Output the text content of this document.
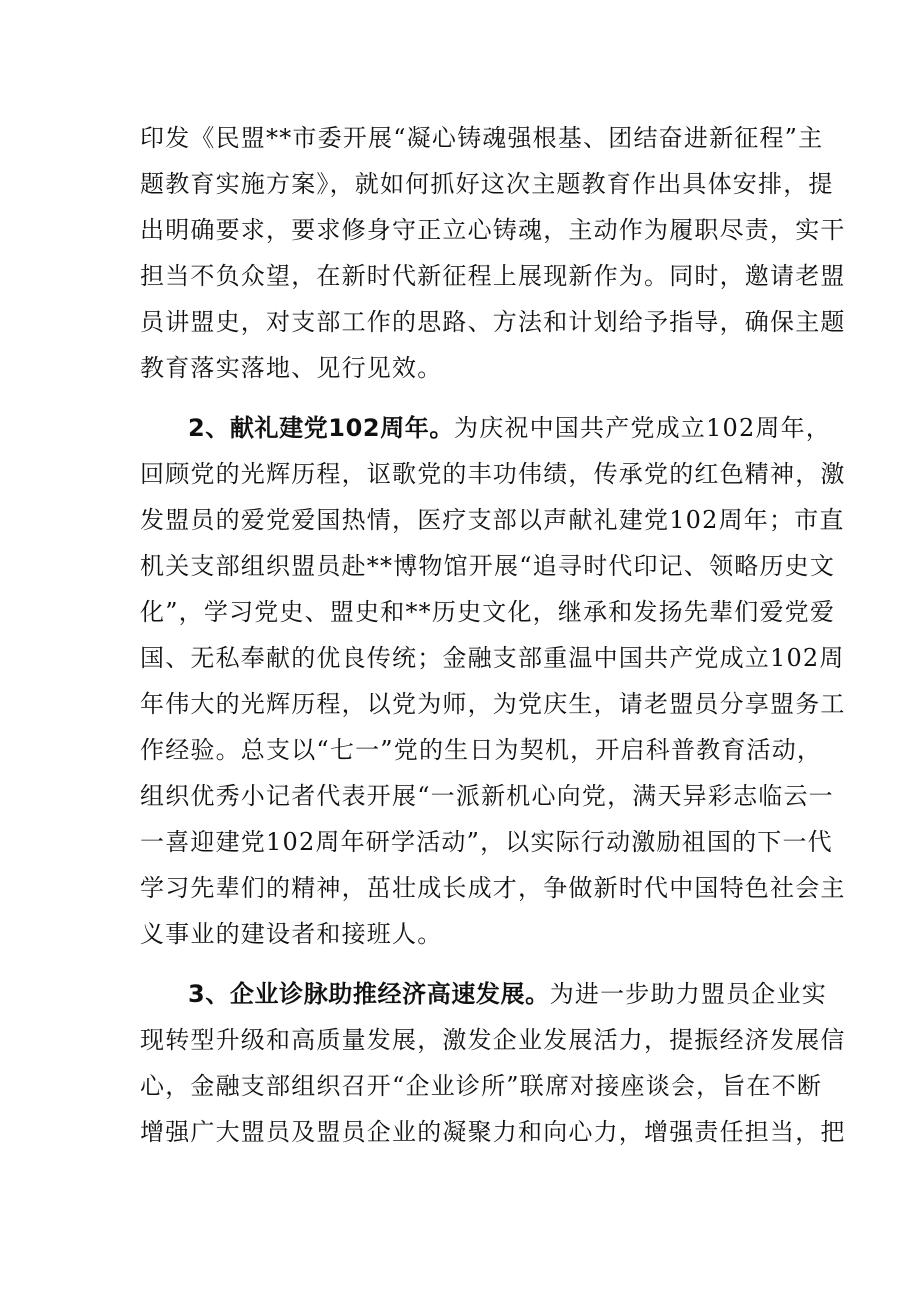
印发《民盟**市委开展“凝心铸魂强根基、团结奋进新征程”主
题教育实施方案》，就如何抓好这次主题教育作出具体安排，提
出明确要求，要求修身守正立心铸魂，主动作为履职尽责，实干
担当不负众望，在新时代新征程上展现新作为。同时，邀请老盟
员讲盟史，对支部工作的思路、方法和计划给予指导，确保主题
教育落实落地、见行见效。
2、献礼建党102周年。为庆祝中国共产党成立102周年，
回顾党的光辉历程，讴歌党的丰功伟绩，传承党的红色精神，激
发盟员的爱党爱国热情，医疗支部以声献礼建党102周年；市直
机关支部组织盟员赴**博物馆开展“追寻时代印记、领略历史文
化”，学习党史、盟史和**历史文化，继承和发扬先辈们爱党爱
国、无私奉献的优良传统；金融支部重温中国共产党成立102周
年伟大的光辉历程，以党为师，为党庆生，请老盟员分享盟务工
作经验。总支以“七一”党的生日为契机，开启科普教育活动，
组织优秀小记者代表开展“一派新机心向党，满天异彩志临云一
一喜迎建党102周年研学活动”，以实际行动激励祖国的下一代
学习先辈们的精神，茁壮成长成才，争做新时代中国特色社会主
义事业的建设者和接班人。
3、企业诊脉助推经济高速发展。为进一步助力盟员企业实
现转型升级和高质量发展，激发企业发展活力，提振经济发展信
心，金融支部组织召开“企业诊所”联席对接座谈会，旨在不断
增强广大盟员及盟员企业的凝聚力和向心力，增强责任担当，把
